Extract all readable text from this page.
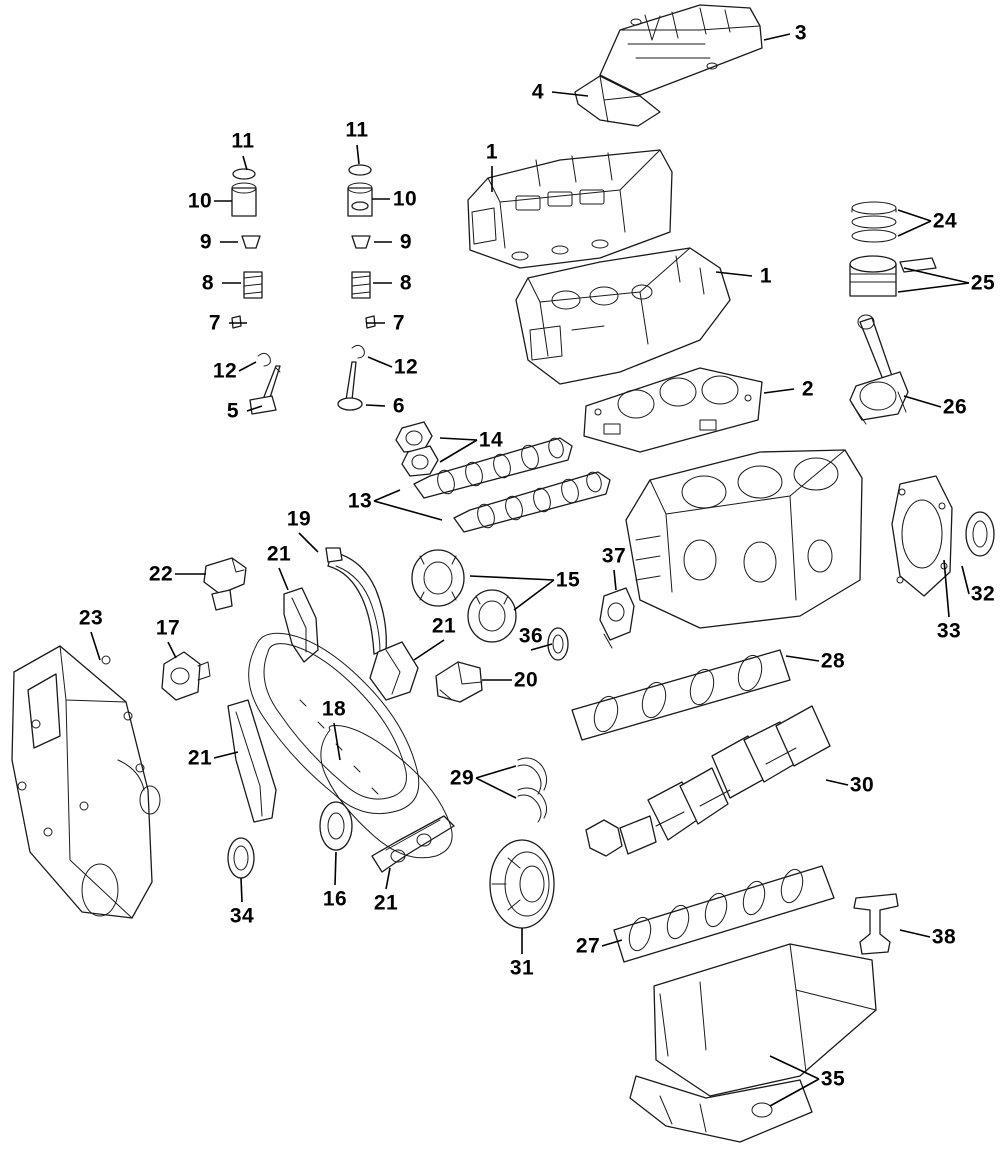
1
1
2
3
4
5	6
7	7
8	8
9	9
10	10
11	11
12	12
13
14
15
16
17
18
19
20
21
21
21
21
22
23
24
25
26
27
28
29	30
31
32
33
34
35
36
37
38
